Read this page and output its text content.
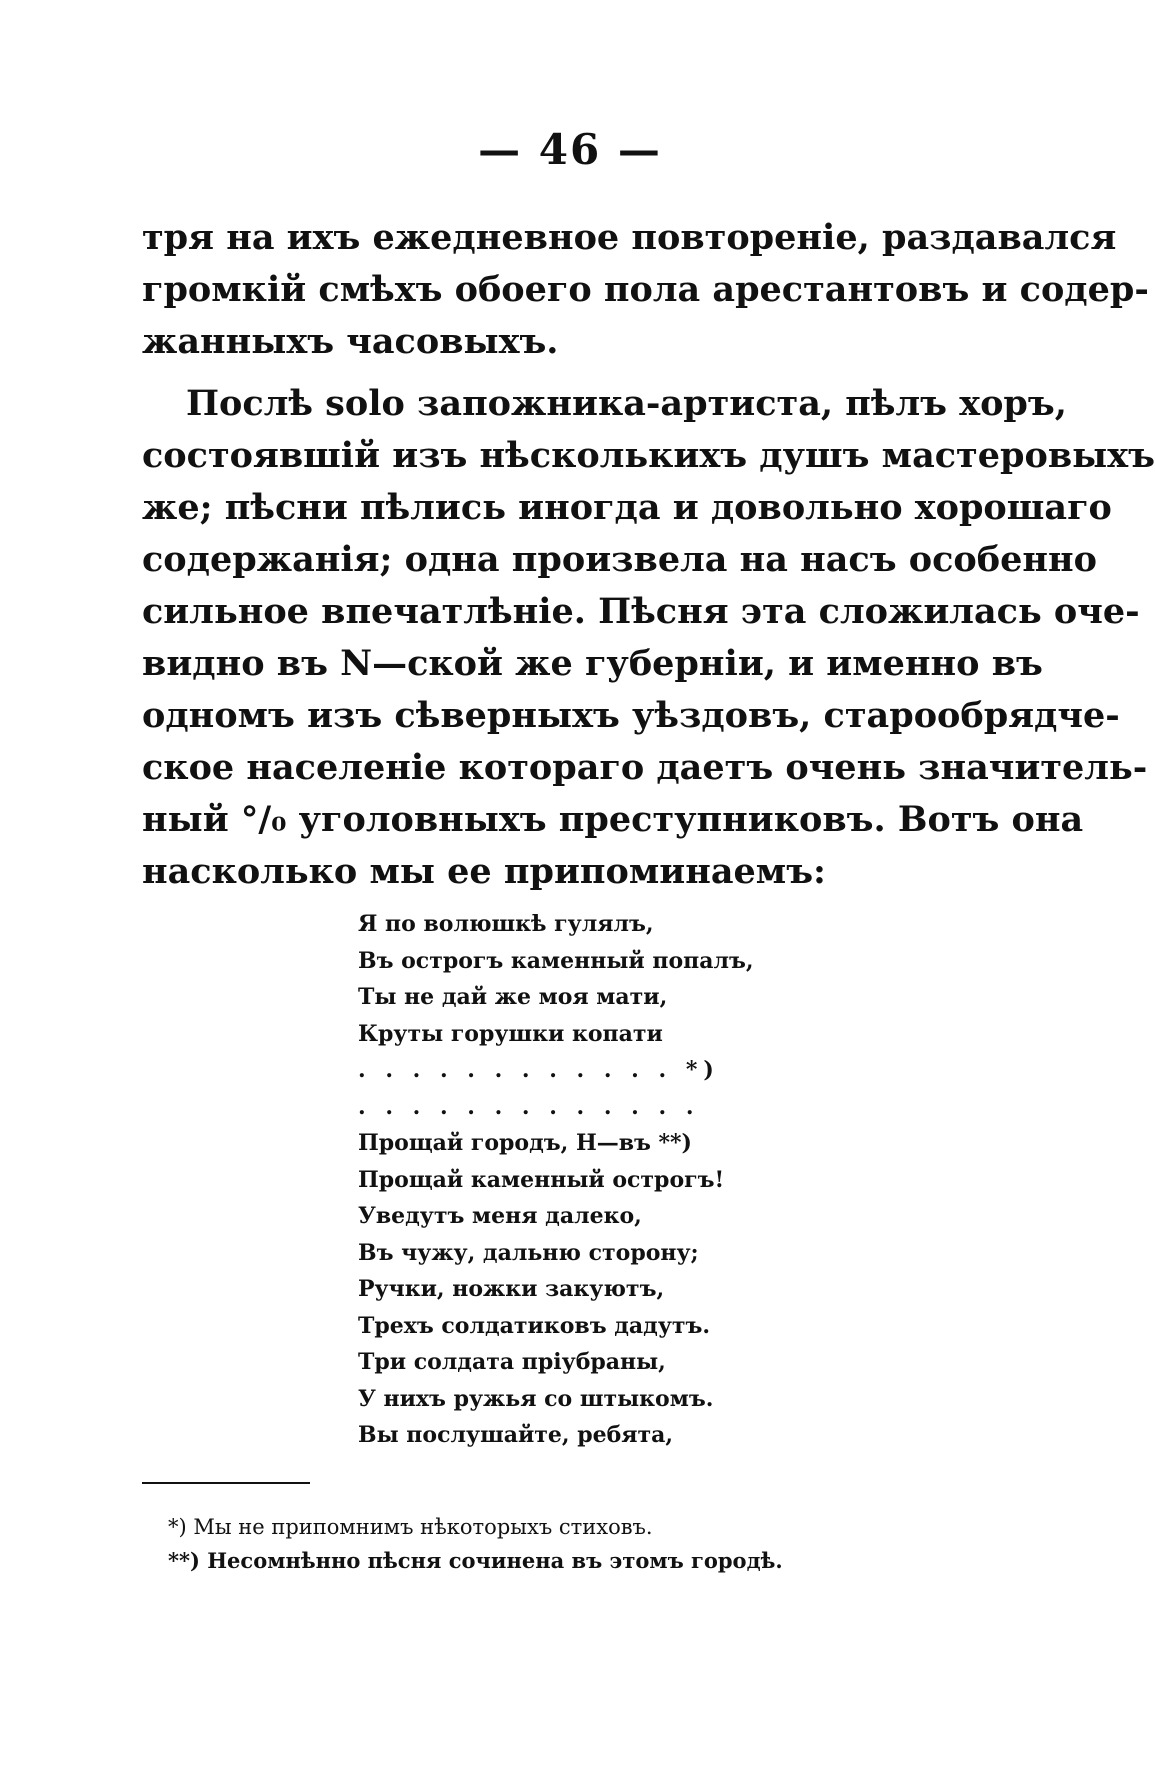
— 46 —
тря на ихъ ежедневное повтореніе, раздавался
громкій смѣхъ обоего пола арестантовъ и содер-
жанныхъ часовыхъ.
Послѣ solo запожника-артиста, пѣлъ хоръ,
состоявшій изъ нѣсколькихъ душъ мастеровыхъ
же; пѣсни пѣлись иногда и довольно хорошаго
содержанія; одна произвела на насъ особенно
сильное впечатлѣніе. Пѣсня эта сложилась оче-
видно въ N—ской же губерніи, и именно въ
одномъ изъ сѣверныхъ уѣздовъ, старообрядче-
ское населеніе котораго даетъ очень значитель-
ный °/₀ уголовныхъ преступниковъ. Вотъ она
насколько мы ее припоминаемъ:
Я по волюшкѣ гулялъ,
Въ острогъ каменный попалъ,
Ты не дай же моя мати,
Круты горушки копати
. . . . . . . . . . . . *)
. . . . . . . . . . . . .
Прощай городъ, Н—въ **)
Прощай каменный острогъ!
Уведутъ меня далеко,
Въ чужу, дальню сторону;
Ручки, ножки закуютъ,
Трехъ солдатиковъ дадутъ.
Три солдата прiубраны,
У нихъ ружья со штыкомъ.
Вы послушайте, ребята,
*) Мы не припомнимъ нѣкоторыхъ стиховъ.
**) Несомнѣнно пѣсня сочинена въ этомъ городѣ.
